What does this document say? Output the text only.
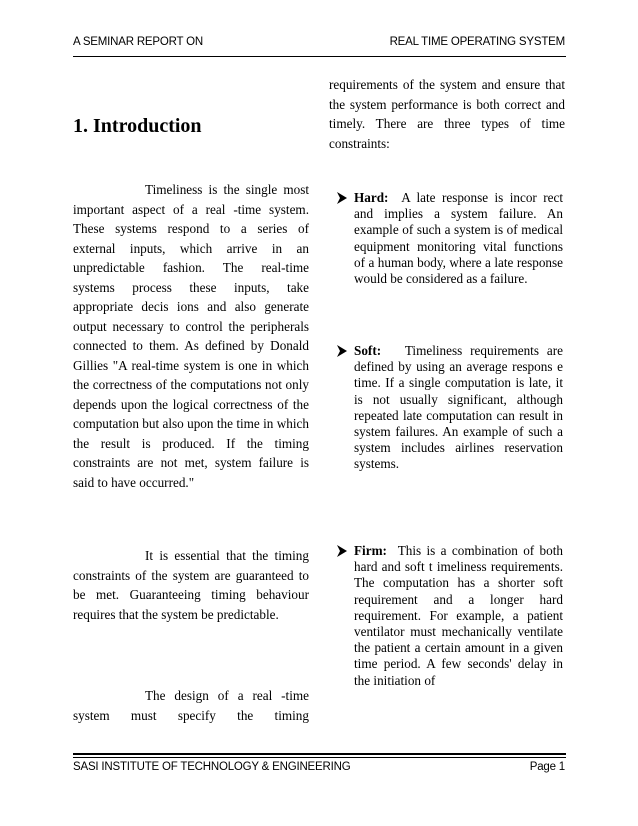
A SEMINAR REPORT ON	REAL TIME OPERATING SYSTEM
1. Introduction

Timeliness is the single most important aspect of a real -time system. These systems respond to a series of external inputs, which arrive in an unpredictable fashion. The real-time systems process these inputs, take appropriate decis ions and also generate output necessary to control the peripherals connected to them. As defined by Donald Gillies "A real-time system is one in which the correctness of the computations not only depends upon the logical correctness of the computation but also upon the time in which the result is produced. If the timing constraints are not met, system failure is said to have occurred."

It is essential that the timing constraints of the system are guaranteed to be met. Guaranteeing timing behaviour requires that the system be predictable.

The design of a real -time system must specify the timing

requirements of the system and ensure that the system performance is both correct and timely. There are three types of time constraints:

Hard: A late response is incor rect and implies a system failure. An example of such a system is of medical equipment monitoring vital functions of a human body, where a late response would be considered as a failure.

Soft: Timeliness requirements are defined by using an average respons e time. If a single computation is late, it is not usually significant, although repeated late computation can result in system failures. An example of such a system includes airlines reservation systems.

Firm: This is a combination of both hard and soft t imeliness requirements. The computation has a shorter soft requirement and a longer hard requirement. For example, a patient ventilator must mechanically ventilate the patient a certain amount in a given time period. A few seconds' delay in the initiation of

SASI INSTITUTE OF TECHNOLOGY & ENGINEERING	Page 1
